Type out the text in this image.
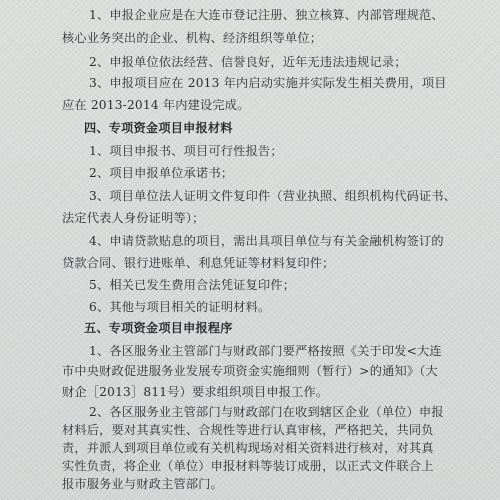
1、申报企业应是在大连市登记注册、独立核算、内部管理规范、

核心业务突出的企业、机构、经济组织等单位；

2、申报单位依法经营、信誉良好，近年无违法违规记录；

3、申报项目应在 2013 年内启动实施并实际发生相关费用，项目

应在 2013-2014 年内建设完成。

四、专项资金项目申报材料

1、项目申报书、项目可行性报告；

2、项目申报单位承诺书；

3、项目单位法人证明文件复印件（营业执照、组织机构代码证书、

法定代表人身份证明等）；

4、申请贷款贴息的项目，需出具项目单位与有关金融机构签订的

贷款合同、银行进账单、利息凭证等材料复印件；

5、相关已发生费用合法凭证复印件；

6、其他与项目相关的证明材料。

五、专项资金项目申报程序

1、各区服务业主管部门与财政部门要严格按照《关于印发<大连

市中央财政促进服务业发展专项资金实施细则（暂行）>的通知》（大

财企［2013］811号）要求组织项目申报工作。

2、各区服务业主管部门与财政部门在收到辖区企业（单位）申报

材料后，要对其真实性、合规性等进行认真审核，严格把关，共同负

责，并派人到项目单位或有关机构现场对相关资料进行核对，对其真

实性负责，将企业（单位）申报材料等装订成册，以正式文件联合上

报市服务业与财政主管部门。
